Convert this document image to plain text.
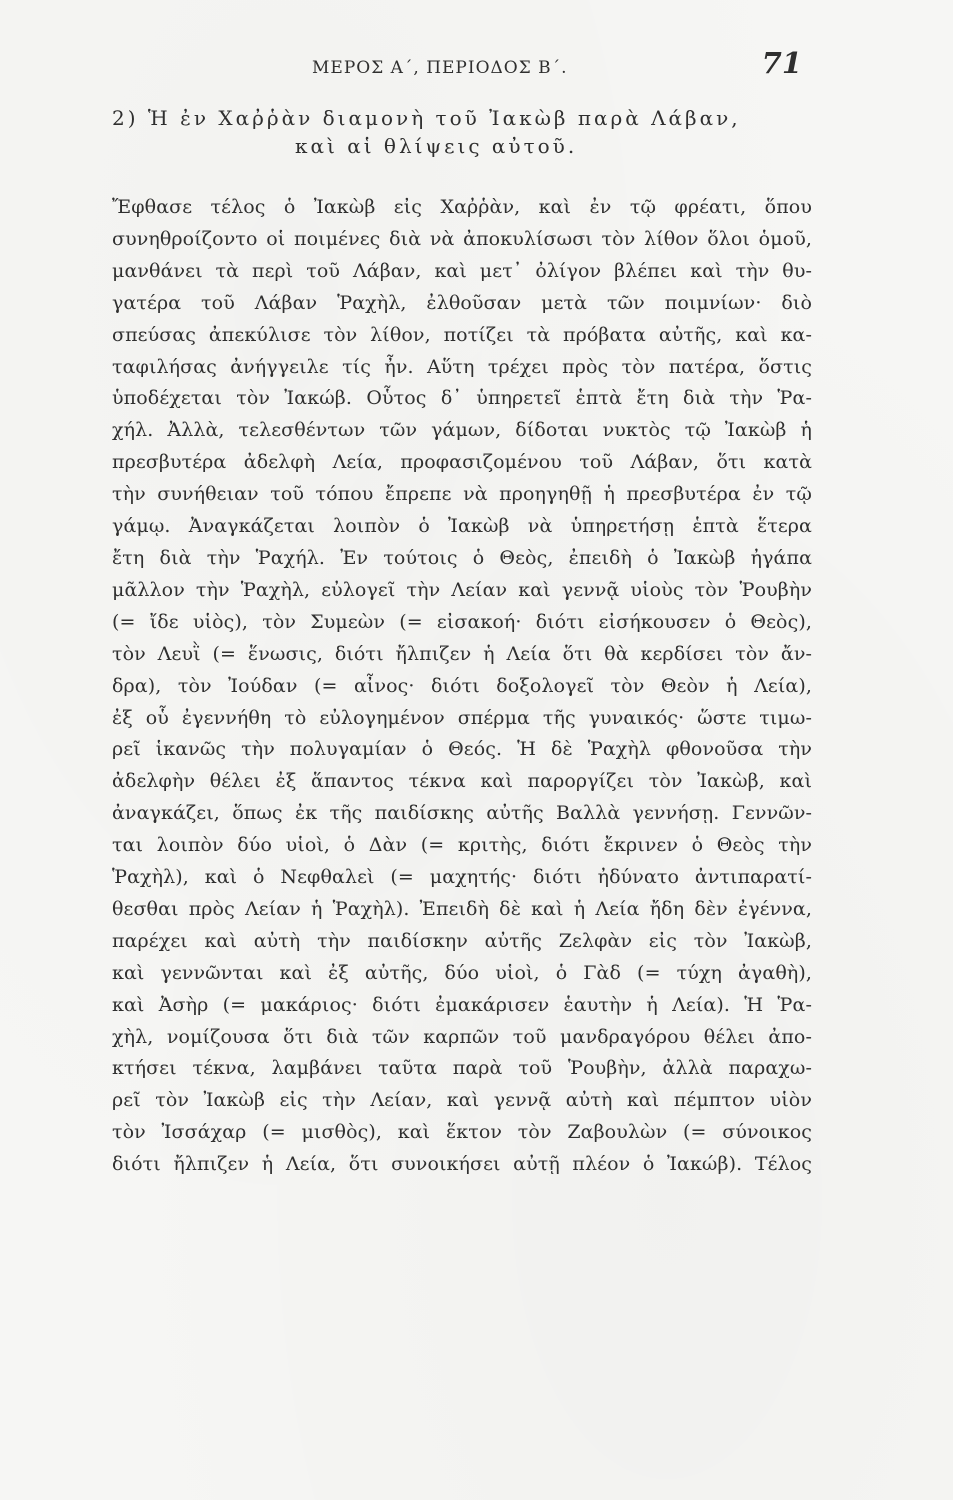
ΜΕΡΟΣ Α΄, ΠΕΡΙΟΔΟΣ Β΄.	71
2) Ἡ ἐν Χαῤῥὰν διαμονὴ τοῦ Ἰακὼβ παρὰ Λάβαν,
καὶ αἱ θλίψεις αὐτοῦ.
Ἔφθασε τέλος ὁ Ἰακὼβ εἰς Χαῤῥὰν, καὶ ἐν τῷ φρέατι, ὅπου
συνηθροίζοντο οἱ ποιμένες διὰ νὰ ἀποκυλίσωσι τὸν λίθον ὅλοι ὁμοῦ,
μανθάνει τὰ περὶ τοῦ Λάβαν, καὶ μετ᾽ ὀλίγον βλέπει καὶ τὴν θυ-
γατέρα τοῦ Λάβαν Ῥαχὴλ, ἐλθοῦσαν μετὰ τῶν ποιμνίων· διὸ
σπεύσας ἀπεκύλισε τὸν λίθον, ποτίζει τὰ πρόβατα αὐτῆς, καὶ κα-
ταφιλήσας ἀνήγγειλε τίς ἦν. Αὕτη τρέχει πρὸς τὸν πατέρα, ὅστις
ὑποδέχεται τὸν Ἰακώβ. Οὗτος δ᾽ ὑπηρετεῖ ἑπτὰ ἔτη διὰ τὴν Ῥα-
χήλ. Ἀλλὰ, τελεσθέντων τῶν γάμων, δίδοται νυκτὸς τῷ Ἰακὼβ ἡ
πρεσβυτέρα ἀδελφὴ Λεία, προφασιζομένου τοῦ Λάβαν, ὅτι κατὰ
τὴν συνήθειαν τοῦ τόπου ἔπρεπε νὰ προηγηθῇ ἡ πρεσβυτέρα ἐν τῷ
γάμῳ. Ἀναγκάζεται λοιπὸν ὁ Ἰακὼβ νὰ ὑπηρετήσῃ ἑπτὰ ἕτερα
ἔτη διὰ τὴν Ῥαχήλ. Ἐν τούτοις ὁ Θεὸς, ἐπειδὴ ὁ Ἰακὼβ ἠγάπα
μᾶλλον τὴν Ῥαχὴλ, εὐλογεῖ τὴν Λείαν καὶ γεννᾷ υἱοὺς τὸν Ῥουβὴν
(= ἴδε υἱὸς), τὸν Συμεὼν (= εἰσακοή· διότι εἰσήκουσεν ὁ Θεὸς),
τὸν Λευῒ (= ἕνωσις, διότι ἤλπιζεν ἡ Λεία ὅτι θὰ κερδίσει τὸν ἄν-
δρα), τὸν Ἰούδαν (= αἶνος· διότι δοξολογεῖ τὸν Θεὸν ἡ Λεία),
ἐξ οὗ ἐγεννήθη τὸ εὐλογημένον σπέρμα τῆς γυναικός· ὥστε τιμω-
ρεῖ ἱκανῶς τὴν πολυγαμίαν ὁ Θεός. Ἡ δὲ Ῥαχὴλ φθονοῦσα τὴν
ἀδελφὴν θέλει ἐξ ἅπαντος τέκνα καὶ παροργίζει τὸν Ἰακὼβ, καὶ
ἀναγκάζει, ὅπως ἐκ τῆς παιδίσκης αὐτῆς Βαλλὰ γεννήσῃ. Γεννῶν-
ται λοιπὸν δύο υἱοὶ, ὁ Δὰν (= κριτὴς, διότι ἔκρινεν ὁ Θεὸς τὴν
Ῥαχὴλ), καὶ ὁ Νεφθαλεὶ (= μαχητής· διότι ἠδύνατο ἀντιπαρατί-
θεσθαι πρὸς Λείαν ἡ Ῥαχὴλ). Ἐπειδὴ δὲ καὶ ἡ Λεία ἤδη δὲν ἐγέννα,
παρέχει καὶ αὐτὴ τὴν παιδίσκην αὐτῆς Ζελφὰν εἰς τὸν Ἰακὼβ,
καὶ γεννῶνται καὶ ἐξ αὐτῆς, δύο υἱοὶ, ὁ Γὰδ (= τύχη ἀγαθὴ),
καὶ Ἀσὴρ (= μακάριος· διότι ἐμακάρισεν ἑαυτὴν ἡ Λεία). Ἡ Ῥα-
χὴλ, νομίζουσα ὅτι διὰ τῶν καρπῶν τοῦ μανδραγόρου θέλει ἀπο-
κτήσει τέκνα, λαμβάνει ταῦτα παρὰ τοῦ Ῥουβὴν, ἀλλὰ παραχω-
ρεῖ τὸν Ἰακὼβ εἰς τὴν Λείαν, καὶ γεννᾷ αὐτὴ καὶ πέμπτον υἱὸν
τὸν Ἰσσάχαρ (= μισθὸς), καὶ ἕκτον τὸν Ζαβουλὼν (= σύνοικος
διότι ἤλπιζεν ἡ Λεία, ὅτι συνοικήσει αὐτῇ πλέον ὁ Ἰακώβ). Τέλος
